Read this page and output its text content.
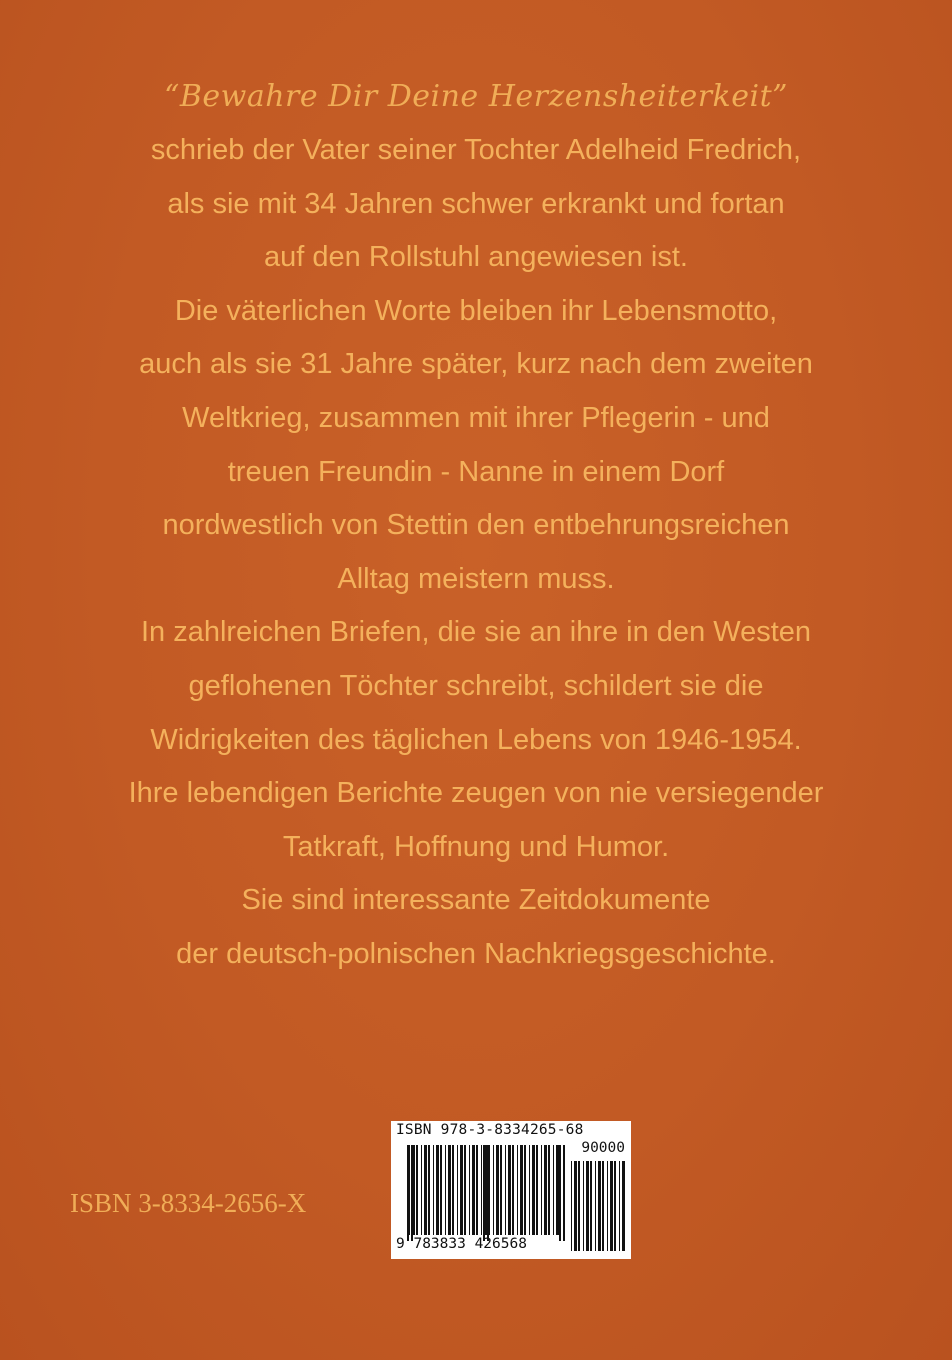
“Bewahre Dir Deine Herzensheiterkeit”
schrieb der Vater seiner Tochter Adelheid Fredrich,
als sie mit 34 Jahren schwer erkrankt und fortan
auf den Rollstuhl angewiesen ist.
Die väterlichen Worte bleiben ihr Lebensmotto,
auch als sie 31 Jahre später, kurz nach dem zweiten
Weltkrieg, zusammen mit ihrer Pflegerin - und
treuen Freundin - Nanne in einem Dorf
nordwestlich von Stettin den entbehrungsreichen
Alltag meistern muss.
In zahlreichen Briefen, die sie an ihre in den Westen
geflohenen Töchter schreibt, schildert sie die
Widrigkeiten des täglichen Lebens von 1946-1954.
Ihre lebendigen Berichte zeugen von nie versiegender
Tatkraft, Hoffnung und Humor.
Sie sind interessante Zeitdokumente
der deutsch-polnischen Nachkriegsgeschichte.
ISBN 3-8334-2656-X
ISBN 978-3-8334265-68
90000
9 783833 426568
